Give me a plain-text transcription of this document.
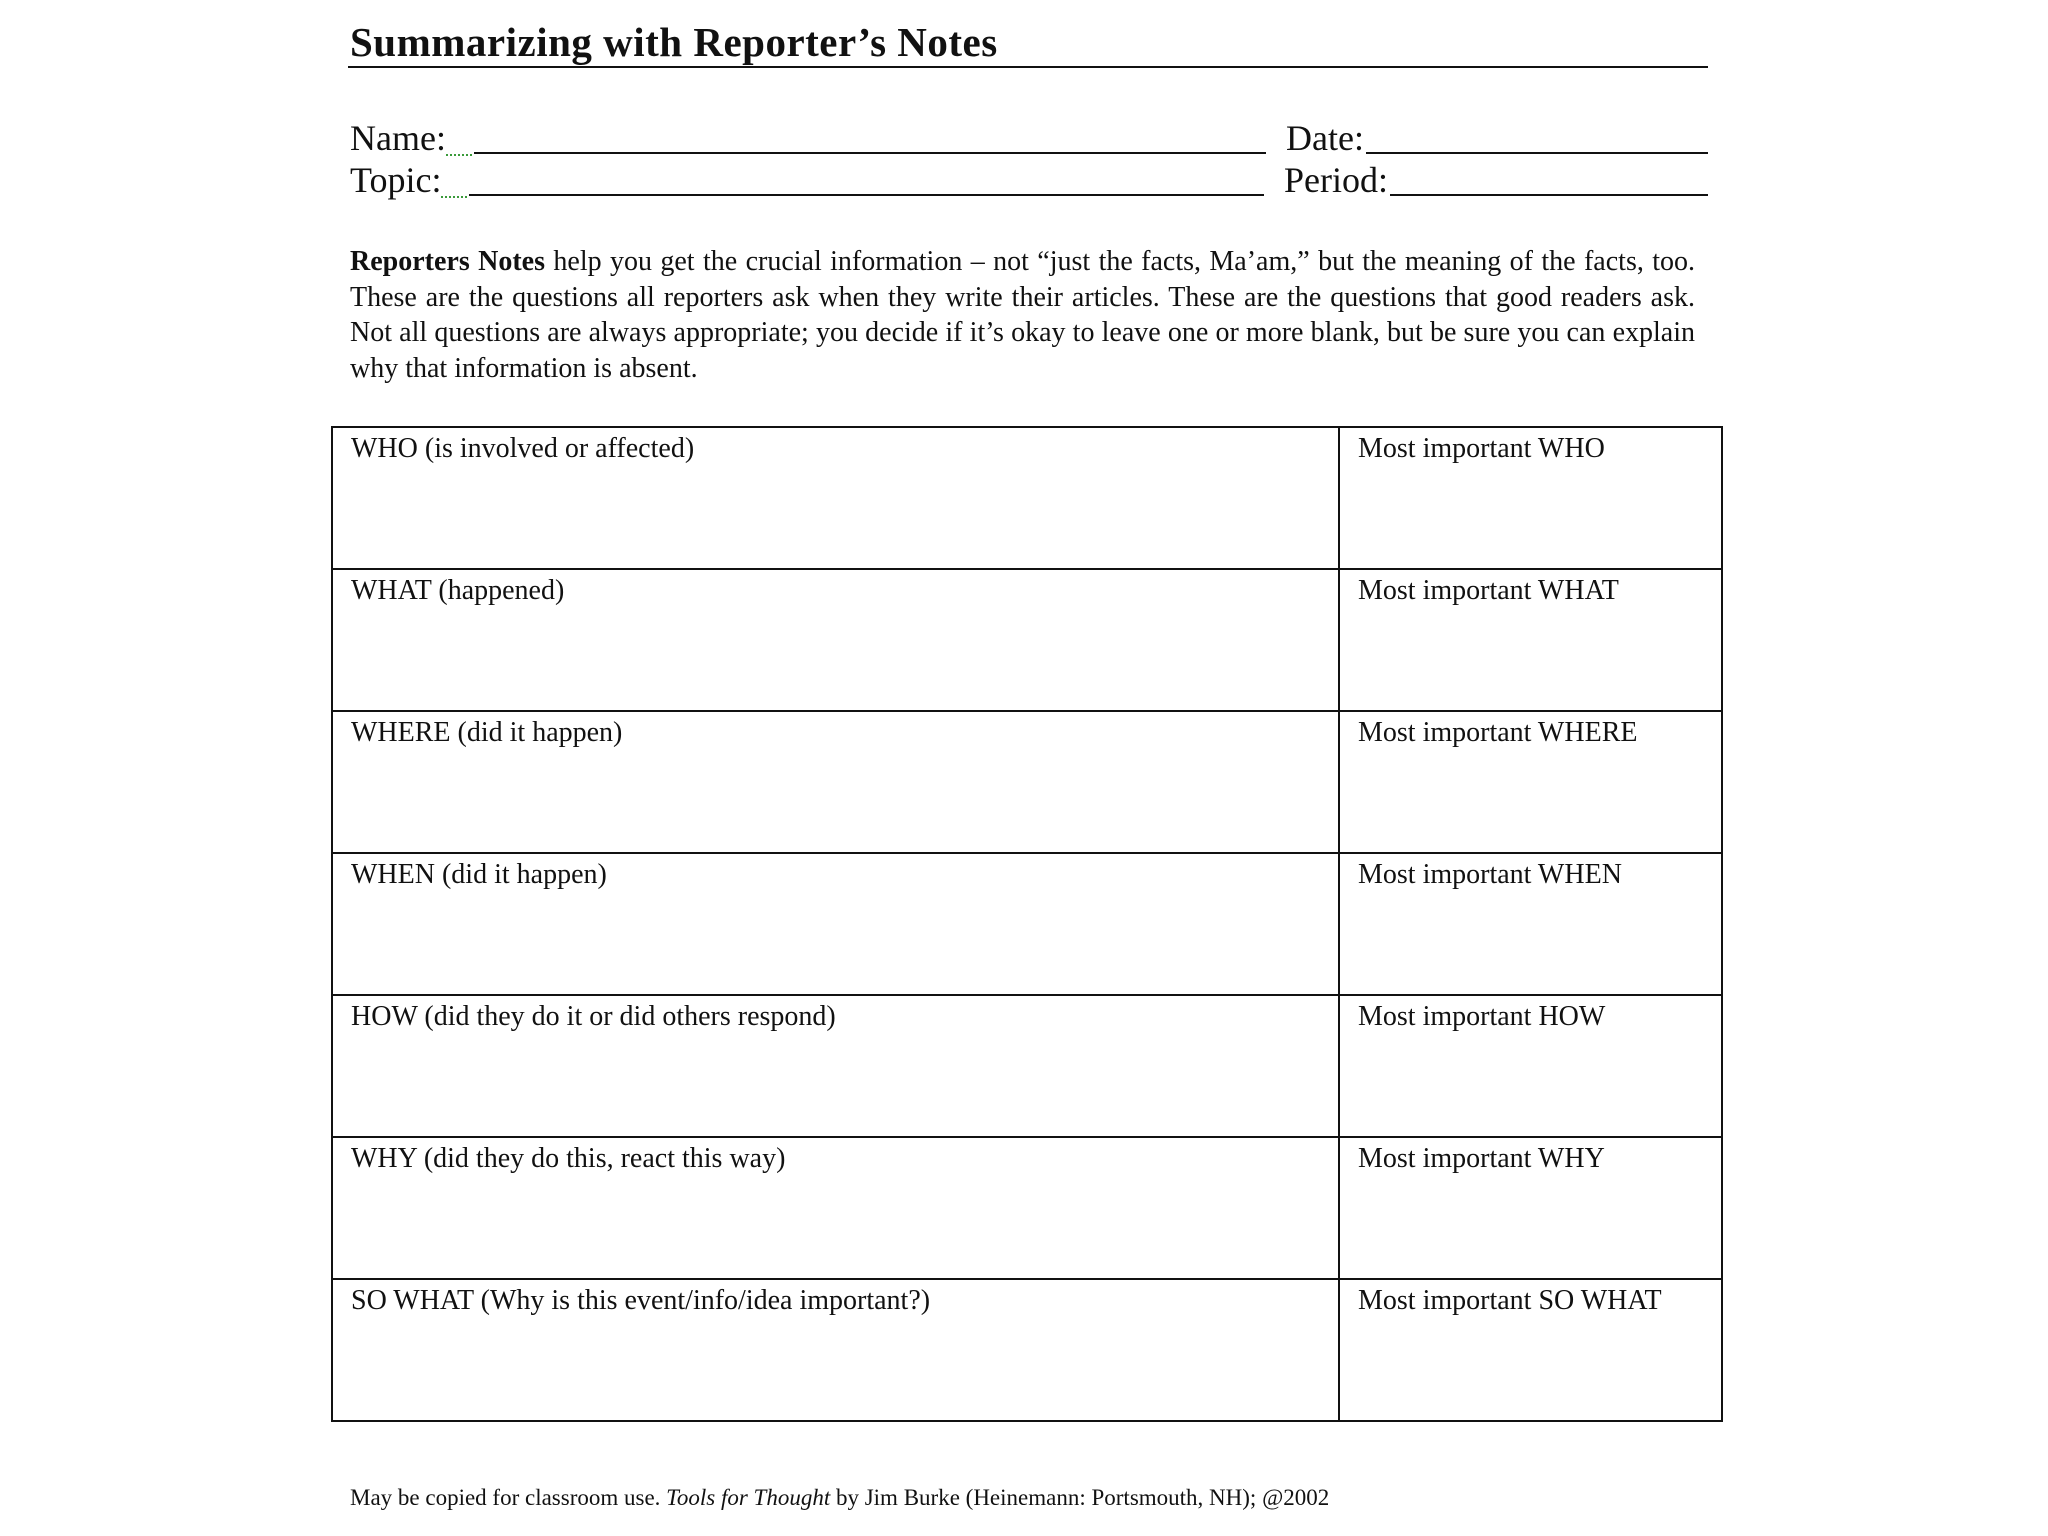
Summarizing with Reporter’s Notes
Name:	Date:
Topic:	Period:
Reporters Notes help you get the crucial information – not “just the facts, Ma’am,” but the meaning of the facts, too. These are the questions all reporters ask when they write their articles. These are the questions that good readers ask. Not all questions are always appropriate; you decide if it’s okay to leave one or more blank, but be sure you can explain why that information is absent.
WHO (is involved or affected)	Most important WHO
WHAT (happened)	Most important WHAT
WHERE (did it happen)	Most important WHERE
WHEN (did it happen)	Most important WHEN
HOW (did they do it or did others respond)	Most important HOW
WHY (did they do this, react this way)	Most important WHY
SO WHAT (Why is this event/info/idea important?)	Most important SO WHAT
May be copied for classroom use. Tools for Thought by Jim Burke (Heinemann: Portsmouth, NH); @2002
